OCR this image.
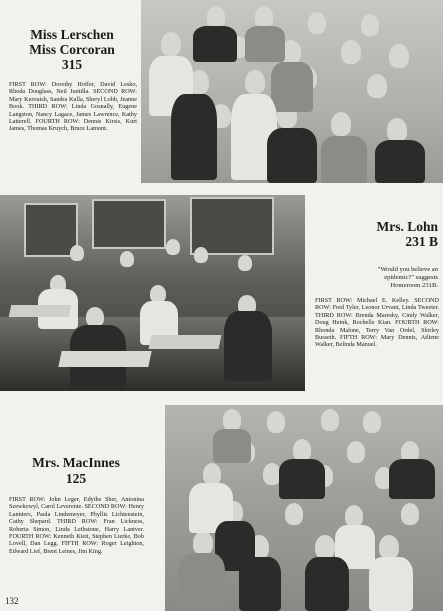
Miss Lerschen
Miss Corcoran
315
FIRST ROW: Dorothy Hoffer, David Lesko, Rhoda Douglass, Neil Juntilla. SECOND ROW: Mary Kerouish, Sandra Kulla, Sheryl Lobb, Jeanne Book. THIRD ROW: Linda Gosnally, Eugene Langston, Nancy Lagace, James Lawrence, Kathy Latterell. FOURTH ROW: Dennis Kirsis, Kurt James, Thomas Kruych, Bruce Lamont.
Mrs. Lohn
231 B
"Would you believe an
epidemic?" suggests
Homeroom 231B.
FIRST ROW: Michael E. Kelley. SECOND ROW: Fred Tyler, Leonor Urvant, Linda Tweeter. THIRD ROW: Brenda Maresky, Cindy Walker, Doug Heink, Rochelle Kian. FOURTH ROW: Rhonda Malone, Terry Van Ordel, Shirley Busseth. FIFTH ROW: Mary Dennis, Atliene Walker, Belinda Manuel.
Mrs. MacInnes
125
FIRST ROW: John Leger, Edythe Sher, Antonina Szewkowyl, Carol Leverente. SECOND ROW: Henry Lanniers, Paula Lindemeyer, Phyllis Lichtenstein, Cathy Shepard. THIRD ROW: Fran Lickness, Roberta Simon, Linda Leibstone, Harry Lantver. FOURTH ROW: Kenneth Kieit, Stephen Lierke, Bob Lovell, Dan Legg. FIFTH ROW: Roger Leighton, Edward Lief, Brent Leines, Jim King.
132
